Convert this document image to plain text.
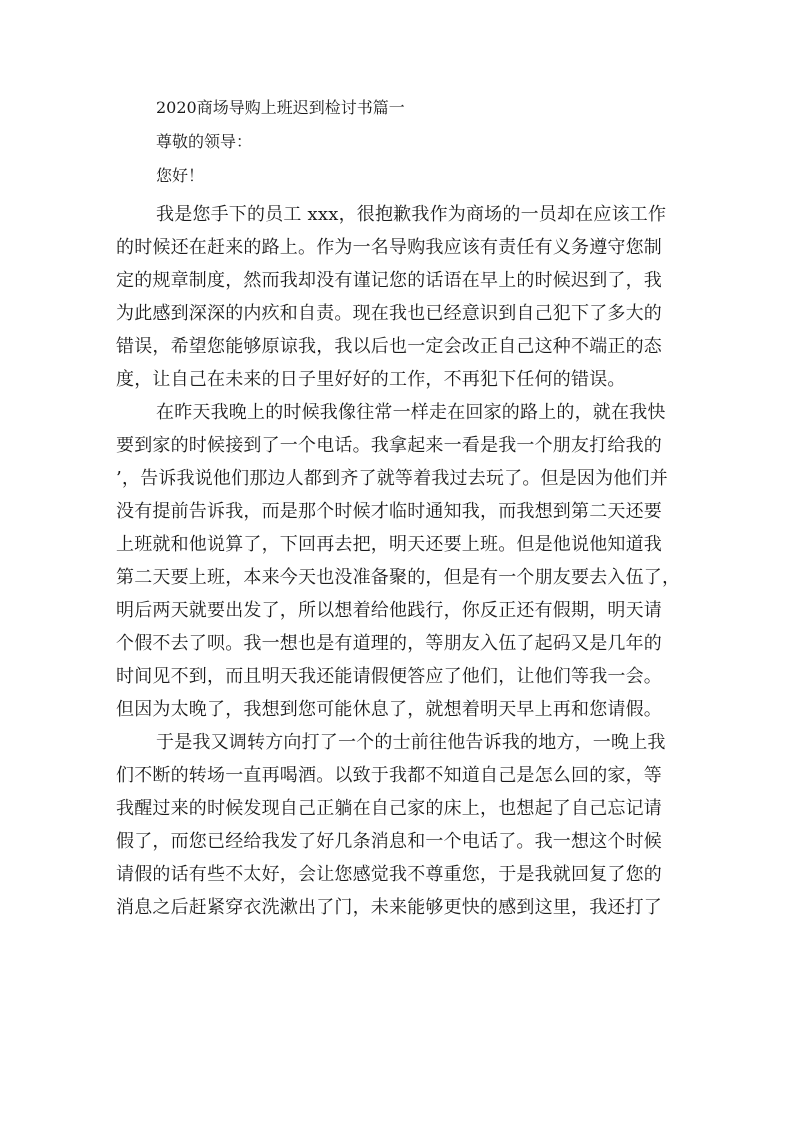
2020商场导购上班迟到检讨书篇一
尊敬的领导：
您好！
我是您手下的员工 xxx，很抱歉我作为商场的一员却在应该工作
的时候还在赶来的路上。作为一名导购我应该有责任有义务遵守您制
定的规章制度，然而我却没有谨记您的话语在早上的时候迟到了，我
为此感到深深的内疚和自责。现在我也已经意识到自己犯下了多大的
错误，希望您能够原谅我，我以后也一定会改正自己这种不端正的态
度，让自己在未来的日子里好好的工作，不再犯下任何的错误。
在昨天我晚上的时候我像往常一样走在回家的路上的，就在我快
要到家的时候接到了一个电话。我拿起来一看是我一个朋友打给我的
’，告诉我说他们那边人都到齐了就等着我过去玩了。但是因为他们并
没有提前告诉我，而是那个时候才临时通知我，而我想到第二天还要
上班就和他说算了，下回再去把，明天还要上班。但是他说他知道我
第二天要上班，本来今天也没准备聚的，但是有一个朋友要去入伍了，
明后两天就要出发了，所以想着给他践行，你反正还有假期，明天请
个假不去了呗。我一想也是有道理的，等朋友入伍了起码又是几年的
时间见不到，而且明天我还能请假便答应了他们，让他们等我一会。
但因为太晚了，我想到您可能休息了，就想着明天早上再和您请假。
于是我又调转方向打了一个的士前往他告诉我的地方，一晚上我
们不断的转场一直再喝酒。以致于我都不知道自己是怎么回的家，等
我醒过来的时候发现自己正躺在自己家的床上，也想起了自己忘记请
假了，而您已经给我发了好几条消息和一个电话了。我一想这个时候
请假的话有些不太好，会让您感觉我不尊重您，于是我就回复了您的
消息之后赶紧穿衣洗漱出了门，未来能够更快的感到这里，我还打了
